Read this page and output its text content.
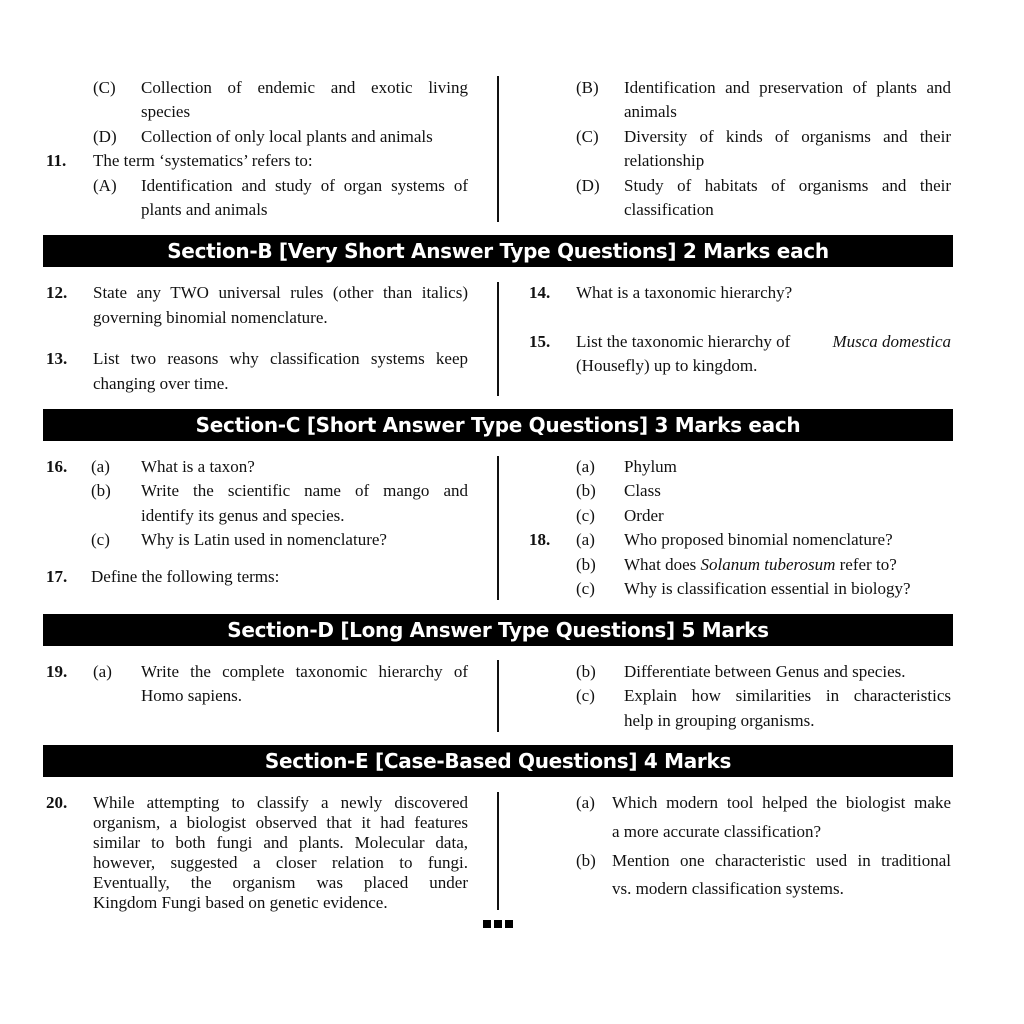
(C) Collection of endemic and exotic living
species
(D) Collection of only local plants and animals
11. The term ‘systematics’ refers to:
(A) Identification and study of organ systems of
plants and animals
(B) Identification and preservation of plants and
animals
(C) Diversity of kinds of organisms and their
relationship
(D) Study of habitats of organisms and their
classification
Section-B [Very Short Answer Type Questions] 2 Marks each
12. State any TWO universal rules (other than italics)
governing binomial nomenclature.
13. List two reasons why classification systems keep
changing over time.
14. What is a taxonomic hierarchy?
15. List the taxonomic hierarchy of Musca domestica
(Housefly) up to kingdom.
Section-C [Short Answer Type Questions] 3 Marks each
16. (a) What is a taxon?
(b) Write the scientific name of mango and
identify its genus and species.
(c) Why is Latin used in nomenclature?
17. Define the following terms:
(a) Phylum
(b) Class
(c) Order
18. (a) Who proposed binomial nomenclature?
(b) What does Solanum tuberosum refer to?
(c) Why is classification essential in biology?
Section-D [Long Answer Type Questions] 5 Marks
19. (a) Write the complete taxonomic hierarchy of
Homo sapiens.
(b) Differentiate between Genus and species.
(c) Explain how similarities in characteristics
help in grouping organisms.
Section-E [Case-Based Questions] 4 Marks
20. While attempting to classify a newly discovered
organism, a biologist observed that it had features
similar to both fungi and plants. Molecular data,
however, suggested a closer relation to fungi.
Eventually, the organism was placed under
Kingdom Fungi based on genetic evidence.
(a) Which modern tool helped the biologist make
a more accurate classification?
(b) Mention one characteristic used in traditional
vs. modern classification systems.
